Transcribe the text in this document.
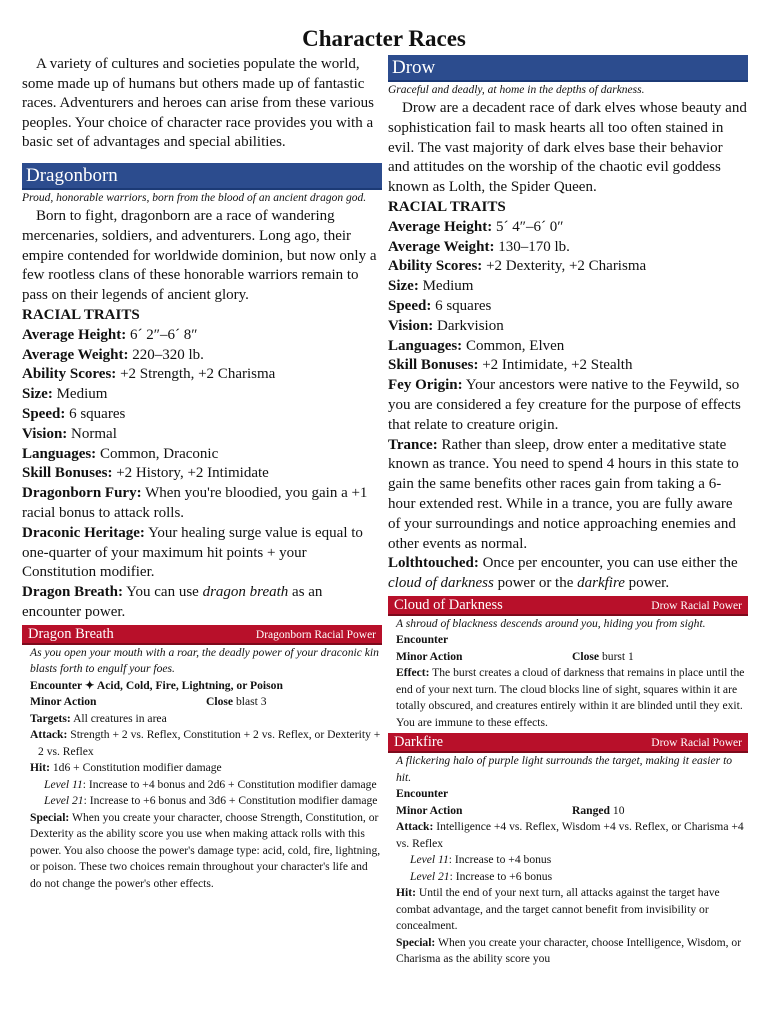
Character Races

A variety of cultures and societies populate the world, some made up of humans but others made up of fantastic races. Adventurers and heroes can arise from these various peoples. Your choice of character race provides you with a basic set of advantages and special abilities.

Dragonborn

Proud, honorable warriors, born from the blood of an ancient dragon god.

Born to fight, dragonborn are a race of wandering mercenaries, soldiers, and adventurers. Long ago, their empire contended for worldwide dominion, but now only a few rootless clans of these honorable warriors remain to pass on their legends of ancient glory.

RACIAL TRAITS

Average Height: 6´ 2″–6´ 8″

Average Weight: 220–320 lb.

Ability Scores: +2 Strength, +2 Charisma

Size: Medium

Speed: 6 squares

Vision: Normal

Languages: Common, Draconic

Skill Bonuses: +2 History, +2 Intimidate

Dragonborn Fury: When you're bloodied, you gain a +1 racial bonus to attack rolls.

Draconic Heritage: Your healing surge value is equal to one-quarter of your maximum hit points + your Constitution modifier.

Dragon Breath: You can use dragon breath as an encounter power.

Dragon Breath	Dragonborn Racial Power
As you open your mouth with a roar, the deadly power of your draconic kin blasts forth to engulf your foes.
Encounter ✦ Acid, Cold, Fire, Lightning, or Poison
Minor Action	Close blast 3
Targets: All creatures in area
Attack: Strength + 2 vs. Reflex, Constitution + 2 vs. Reflex, or Dexterity + 2 vs. Reflex
Hit: 1d6 + Constitution modifier damage
Level 11: Increase to +4 bonus and 2d6 + Constitution modifier damage
Level 21: Increase to +6 bonus and 3d6 + Constitution modifier damage
Special: When you create your character, choose Strength, Constitution, or Dexterity as the ability score you use when making attack rolls with this power. You also choose the power's damage type: acid, cold, fire, lightning, or poison. These two choices remain throughout your character's life and do not change the power's other effects.
Drow

Graceful and deadly, at home in the depths of darkness.

Drow are a decadent race of dark elves whose beauty and sophistication fail to mask hearts all too often stained in evil. The vast majority of dark elves base their behavior and attitudes on the worship of the chaotic evil goddess known as Lolth, the Spider Queen.

RACIAL TRAITS

Average Height: 5´ 4″–6´ 0″

Average Weight: 130–170 lb.

Ability Scores: +2 Dexterity, +2 Charisma

Size: Medium

Speed: 6 squares

Vision: Darkvision

Languages: Common, Elven

Skill Bonuses: +2 Intimidate, +2 Stealth

Fey Origin: Your ancestors were native to the Feywild, so you are considered a fey creature for the purpose of effects that relate to creature origin.

Trance: Rather than sleep, drow enter a meditative state known as trance. You need to spend 4 hours in this state to gain the same benefits other races gain from taking a 6-hour extended rest. While in a trance, you are fully aware of your surroundings and notice approaching enemies and other events as normal.

Lolthtouched: Once per encounter, you can use either the cloud of darkness power or the darkfire power.

Cloud of Darkness	Drow Racial Power
A shroud of blackness descends around you, hiding you from sight.
Encounter
Minor Action	Close burst 1
Effect: The burst creates a cloud of darkness that remains in place until the end of your next turn. The cloud blocks line of sight, squares within it are totally obscured, and creatures entirely within it are blinded until they exit. You are immune to these effects.
Darkfire	Drow Racial Power
A flickering halo of purple light surrounds the target, making it easier to hit.
Encounter
Minor Action	Ranged 10
Attack: Intelligence +4 vs. Reflex, Wisdom +4 vs. Reflex, or Charisma +4 vs. Reflex
Level 11: Increase to +4 bonus
Level 21: Increase to +6 bonus
Hit: Until the end of your next turn, all attacks against the target have combat advantage, and the target cannot benefit from invisibility or concealment.
Special: When you create your character, choose Intelligence, Wisdom, or Charisma as the ability score you
